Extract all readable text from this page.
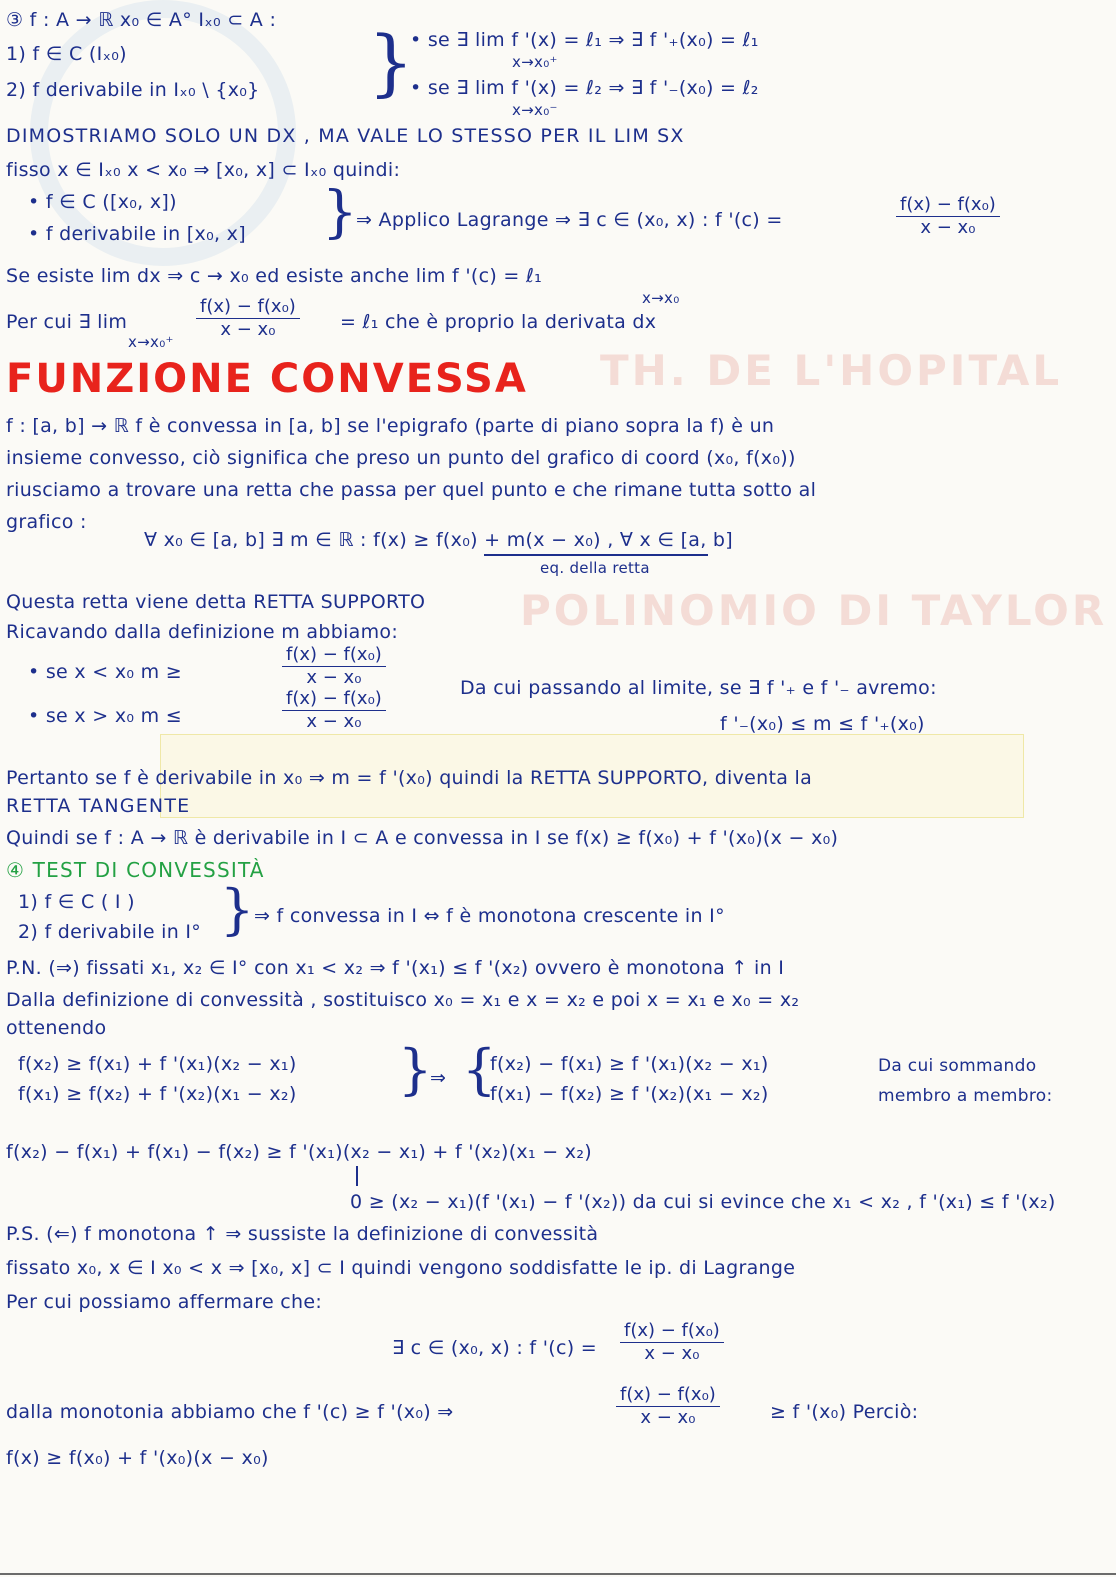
TH. DE L'HOPITAL
POLINOMIO DI TAYLOR
③ f : A → ℝ x₀ ∈ A° Iₓ₀ ⊂ A :
1) f ∈ C (Iₓ₀)
2) f derivabile in Iₓ₀ \ {x₀} }
• se ∃ lim f '(x) = ℓ₁ ⇒ ∃ f '₊(x₀) = ℓ₁
x→x₀⁺
• se ∃ lim f '(x) = ℓ₂ ⇒ ∃ f '₋(x₀) = ℓ₂
x→x₀⁻
DIMOSTRIAMO SOLO UN DX , MA VALE LO STESSO PER IL LIM SX
fisso x ∈ Iₓ₀ x < x₀ ⇒ [x₀, x] ⊂ Iₓ₀ quindi:
• f ∈ C ([x₀, x])
• f derivabile in [x₀, x] }
⇒ Applico Lagrange ⇒ ∃ c ∈ (x₀, x) : f '(c) =	$\frac{\text{f(x) − f(x₀)}}{\text{x − x₀}}$
Se esiste lim dx ⇒ c → x₀ ed esiste anche lim f '(c) = ℓ₁
x→x₀
Per cui ∃ lim
x→x₀⁺
$\frac{\text{f(x) − f(x₀)}}{\text{x − x₀}}$ = ℓ₁ che è proprio la derivata dx
FUNZIONE CONVESSA
f : [a, b] → ℝ f è convessa in [a, b] se l'epigrafo (parte di piano sopra la f) è un
insieme convesso, ciò significa che preso un punto del grafico di coord (x₀, f(x₀))
riusciamo a trovare una retta che passa per quel punto e che rimane tutta sotto al
grafico :
∀ x₀ ∈ [a, b] ∃ m ∈ ℝ : f(x) ≥ f(x₀) + m(x − x₀) , ∀ x ∈ [a, b]
eq. della retta
Questa retta viene detta RETTA SUPPORTO
Ricavando dalla definizione m abbiamo:
• se x < x₀ m ≥	$\frac{\text{f(x) − f(x₀)}}{\text{x − x₀}}$	Da cui passando al limite, se ∃ f '₊ e f '₋ avremo:
• se x > x₀ m ≤	$\frac{\text{f(x) − f(x₀)}}{\text{x − x₀}}$	f '₋(x₀) ≤ m ≤ f '₊(x₀)
Pertanto se f è derivabile in x₀ ⇒ m = f '(x₀) quindi la RETTA SUPPORTO, diventa la
RETTA TANGENTE
Quindi se f : A → ℝ è derivabile in I ⊂ A e convessa in I se f(x) ≥ f(x₀) + f '(x₀)(x − x₀)
④ TEST DI CONVESSITÀ
1) f ∈ C ( I )
2) f derivabile in I° } ⇒ f convessa in I ⇔ f è monotona crescente in I°
P.N. (⇒) fissati x₁, x₂ ∈ I° con x₁ < x₂ ⇒ f '(x₁) ≤ f '(x₂) ovvero è monotona ↑ in I
Dalla definizione di convessità , sostituisco x₀ = x₁ e x = x₂ e poi x = x₁ e x₀ = x₂
ottenendo
f(x₂) ≥ f(x₁) + f '(x₁)(x₂ − x₁)
f(x₁) ≥ f(x₂) + f '(x₂)(x₁ − x₂) }
⇒ {
f(x₂) − f(x₁) ≥ f '(x₁)(x₂ − x₁)
f(x₁) − f(x₂) ≥ f '(x₂)(x₁ − x₂)
Da cui sommando
membro a membro:
f(x₂) − f(x₁) + f(x₁) − f(x₂) ≥ f '(x₁)(x₂ − x₁) + f '(x₂)(x₁ − x₂)
0 ≥ (x₂ − x₁)(f '(x₁) − f '(x₂)) da cui si evince che x₁ < x₂ , f '(x₁) ≤ f '(x₂)
P.S. (⇐) f monotona ↑ ⇒ sussiste la definizione di convessità
fissato x₀, x ∈ I x₀ < x ⇒ [x₀, x] ⊂ I quindi vengono soddisfatte le ip. di Lagrange
Per cui possiamo affermare che:
∃ c ∈ (x₀, x) : f '$(c) = \frac{\text{f(x) − f(x₀)}}{\text{x − x₀}}$
dalla monotonia abbiamo che f '(c) ≥ f '(x₀) ⇒	$\frac{\text{f(x) − f(x₀)}}{\text{x − x₀}}$	≥ f '(x₀) Perciò:
f(x) ≥ f(x₀) + f '(x₀)(x − x₀)
